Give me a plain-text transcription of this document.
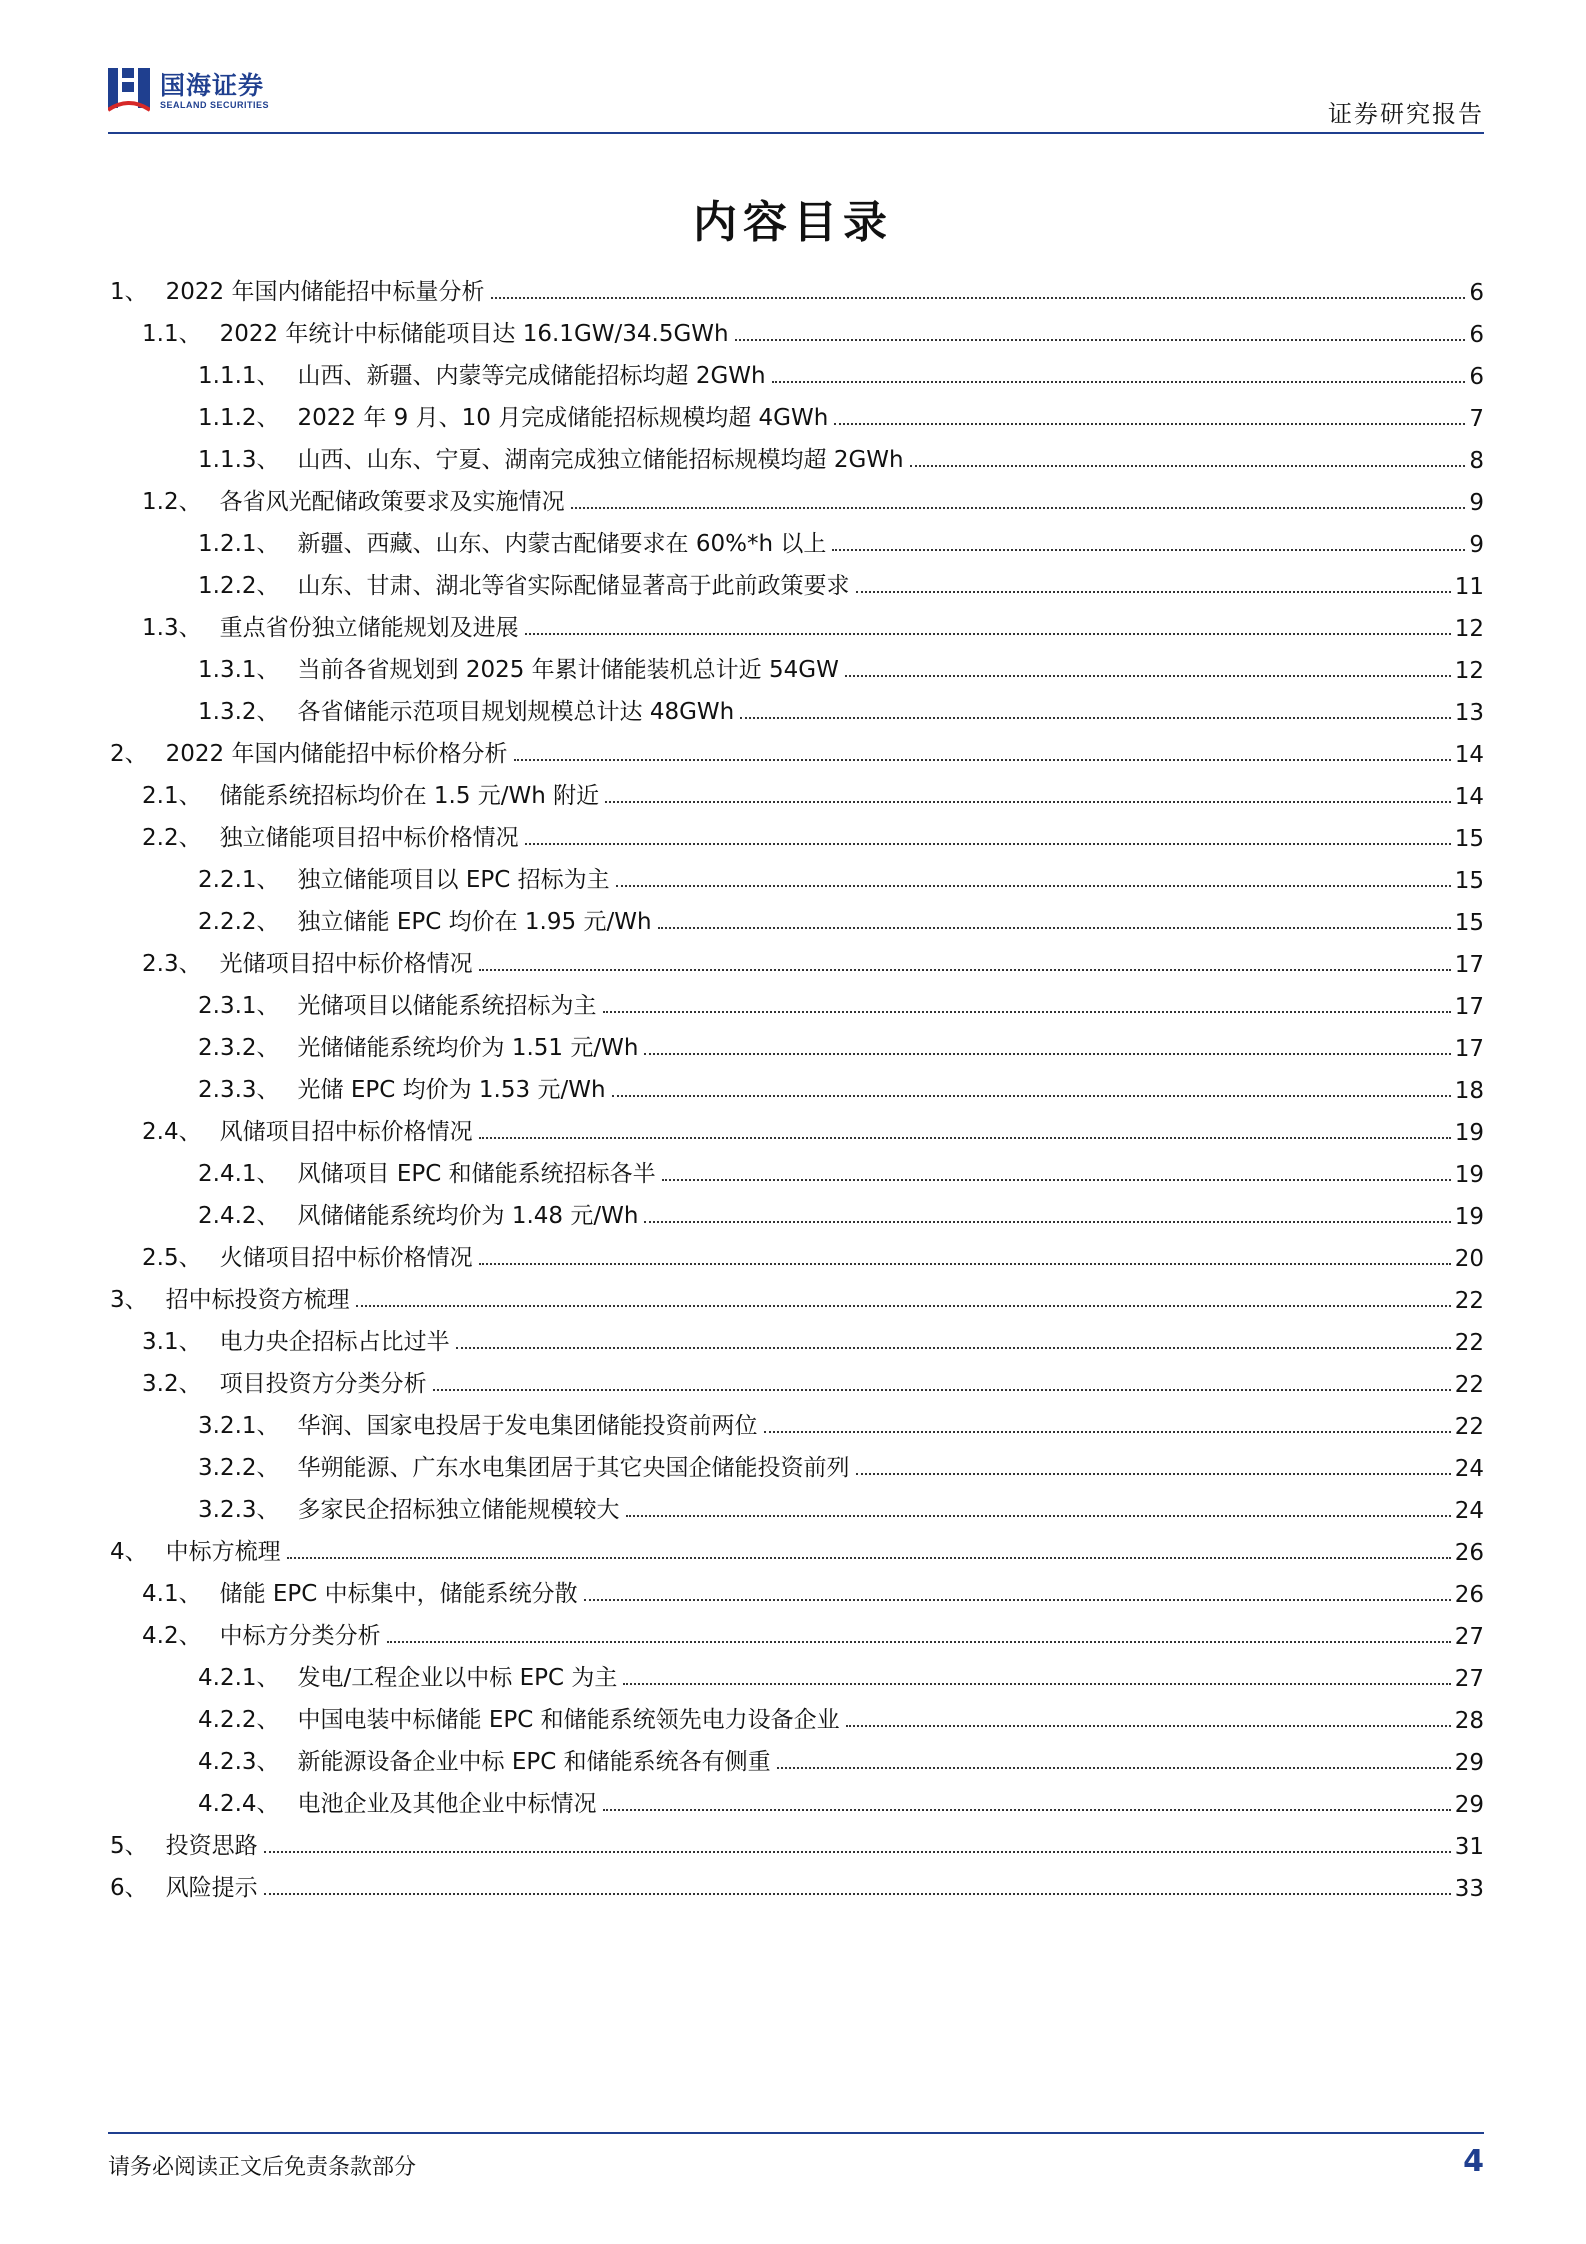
国海证券
SEALAND SECURITIES	证券研究报告
内容目录
1、 2022 年国内储能招中标量分析	6
1.1、 2022 年统计中标储能项目达 16.1GW/34.5GWh	6
1.1.1、 山西、新疆、内蒙等完成储能招标均超 2GWh	6
1.1.2、 2022 年 9 月、10 月完成储能招标规模均超 4GWh	7
1.1.3、 山西、山东、宁夏、湖南完成独立储能招标规模均超 2GWh	8
1.2、 各省风光配储政策要求及实施情况	9
1.2.1、 新疆、西藏、山东、内蒙古配储要求在 60%*h 以上	9
1.2.2、 山东、甘肃、湖北等省实际配储显著高于此前政策要求	11
1.3、 重点省份独立储能规划及进展	12
1.3.1、 当前各省规划到 2025 年累计储能装机总计近 54GW	12
1.3.2、 各省储能示范项目规划规模总计达 48GWh	13
2、 2022 年国内储能招中标价格分析	14
2.1、 储能系统招标均价在 1.5 元/Wh 附近	14
2.2、 独立储能项目招中标价格情况	15
2.2.1、 独立储能项目以 EPC 招标为主	15
2.2.2、 独立储能 EPC 均价在 1.95 元/Wh	15
2.3、 光储项目招中标价格情况	17
2.3.1、 光储项目以储能系统招标为主	17
2.3.2、 光储储能系统均价为 1.51 元/Wh	17
2.3.3、 光储 EPC 均价为 1.53 元/Wh	18
2.4、 风储项目招中标价格情况	19
2.4.1、 风储项目 EPC 和储能系统招标各半	19
2.4.2、 风储储能系统均价为 1.48 元/Wh	19
2.5、 火储项目招中标价格情况	20
3、 招中标投资方梳理	22
3.1、 电力央企招标占比过半	22
3.2、 项目投资方分类分析	22
3.2.1、 华润、国家电投居于发电集团储能投资前两位	22
3.2.2、 华朔能源、广东水电集团居于其它央国企储能投资前列	24
3.2.3、 多家民企招标独立储能规模较大	24
4、 中标方梳理	26
4.1、 储能 EPC 中标集中，储能系统分散	26
4.2、 中标方分类分析	27
4.2.1、 发电/工程企业以中标 EPC 为主	27
4.2.2、 中国电装中标储能 EPC 和储能系统领先电力设备企业	28
4.2.3、 新能源设备企业中标 EPC 和储能系统各有侧重	29
4.2.4、 电池企业及其他企业中标情况	29
5、 投资思路	31
6、 风险提示	33
请务必阅读正文后免责条款部分	4
